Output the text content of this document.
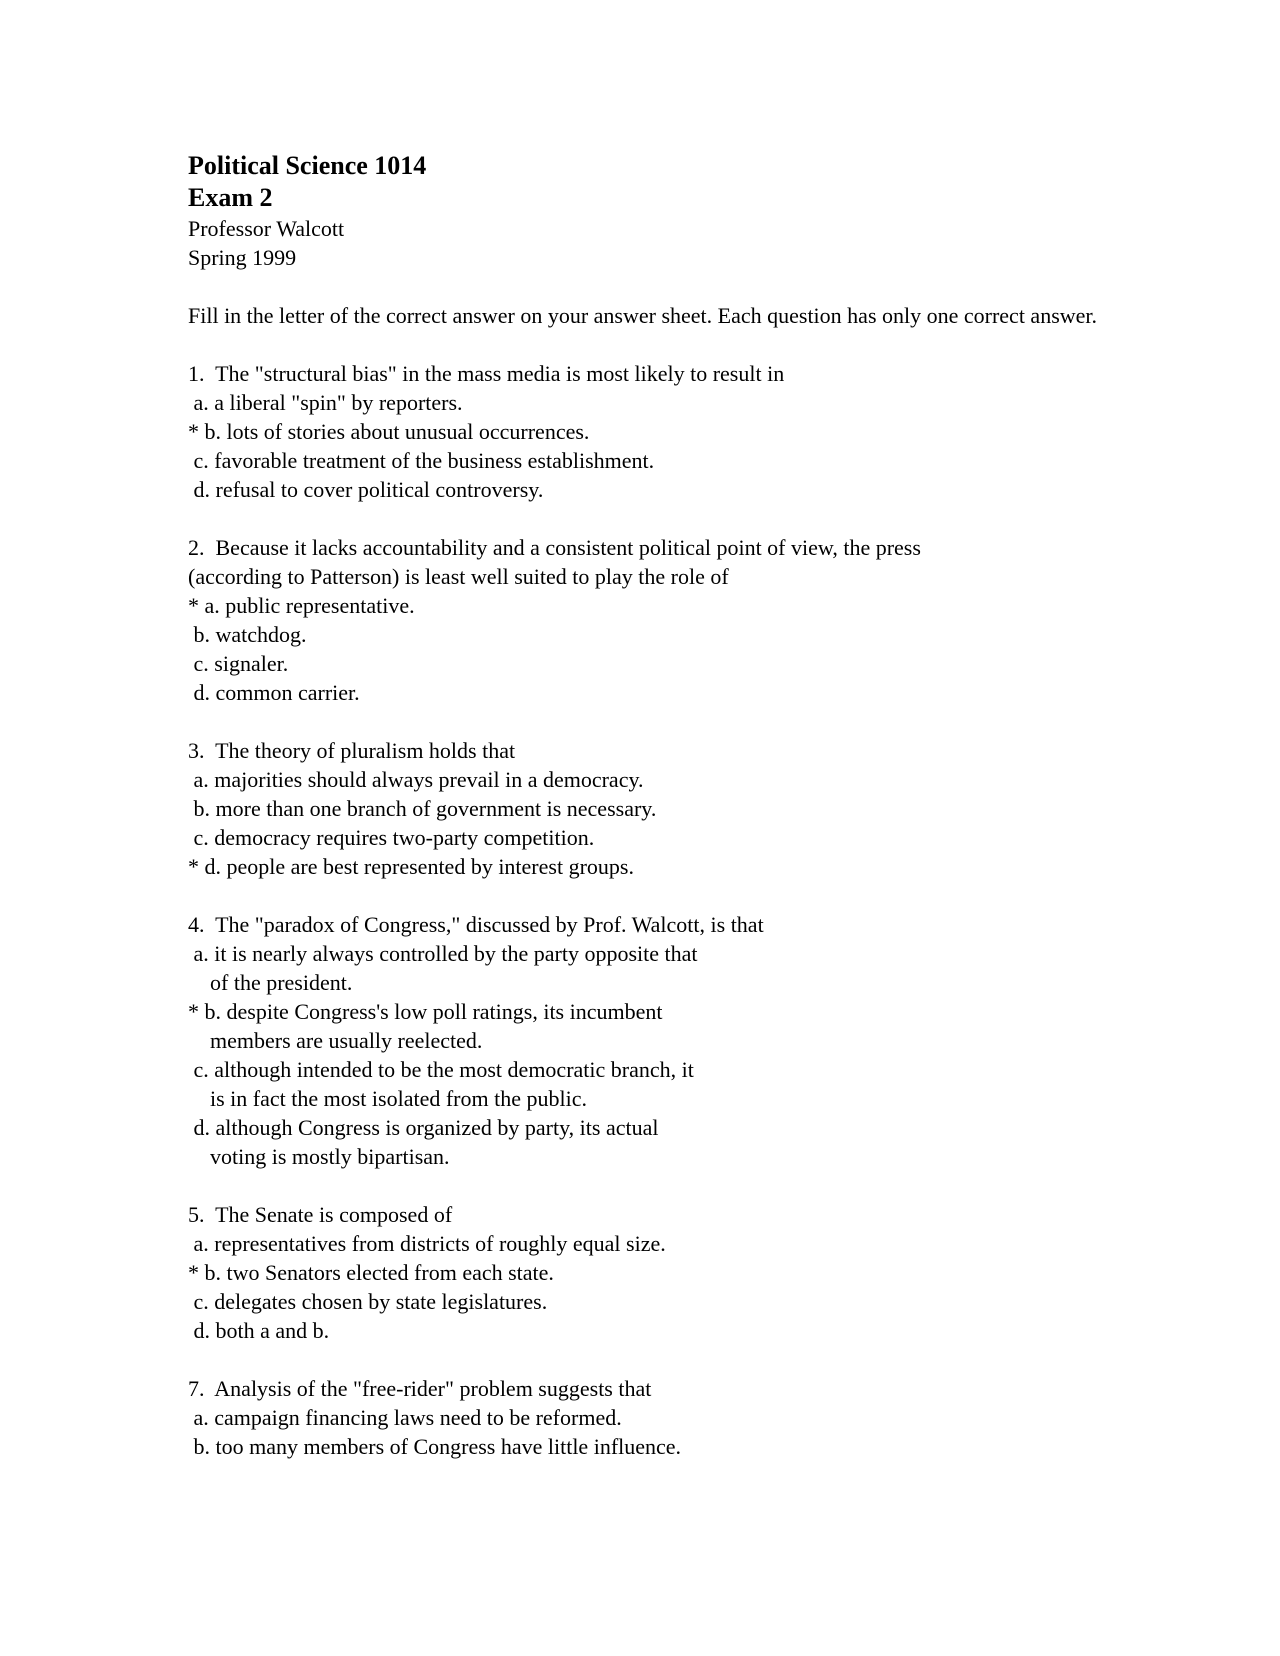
Political Science 1014
Exam 2
Professor Walcott
Spring 1999
Fill in the letter of the correct answer on your answer sheet. Each question has only one correct answer.
1.  The "structural bias" in the mass media is most likely to result in
a. a liberal "spin" by reporters.
* b. lots of stories about unusual occurrences.
c. favorable treatment of the business establishment.
d. refusal to cover political controversy.
2.  Because it lacks accountability and a consistent political point of view, the press
(according to Patterson) is least well suited to play the role of
* a. public representative.
b. watchdog.
c. signaler.
d. common carrier.
3.  The theory of pluralism holds that
a. majorities should always prevail in a democracy.
b. more than one branch of government is necessary.
c. democracy requires two-party competition.
* d. people are best represented by interest groups.
4.  The "paradox of Congress," discussed by Prof. Walcott, is that
a. it is nearly always controlled by the party opposite that
of the president.
* b. despite Congress's low poll ratings, its incumbent
members are usually reelected.
c. although intended to be the most democratic branch, it
is in fact the most isolated from the public.
d. although Congress is organized by party, its actual
voting is mostly bipartisan.
5.  The Senate is composed of
a. representatives from districts of roughly equal size.
* b. two Senators elected from each state.
c. delegates chosen by state legislatures.
d. both a and b.
7.  Analysis of the "free-rider" problem suggests that
a. campaign financing laws need to be reformed.
b. too many members of Congress have little influence.
